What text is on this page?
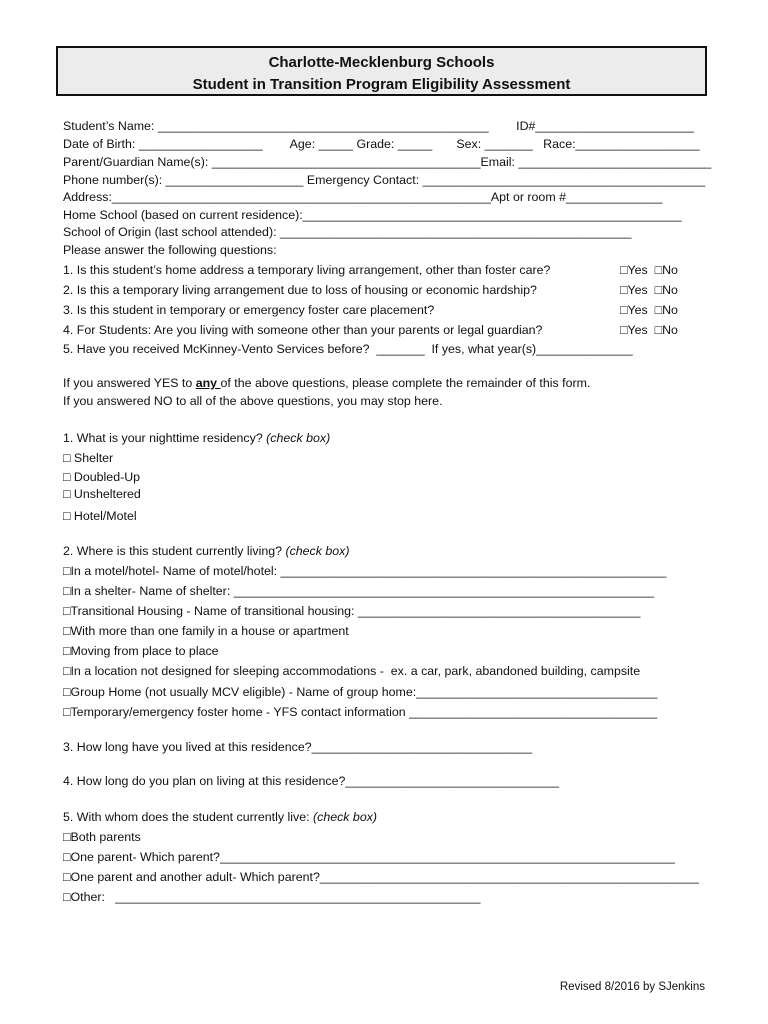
Charlotte-Mecklenburg Schools
Student in Transition Program Eligibility Assessment
Student’s Name: ________________________________________________        ID#_______________________
Date of Birth: __________________        Age: _____ Grade: _____       Sex: _______   Race:__________________
Parent/Guardian Name(s): _______________________________________Email: ____________________________
Phone number(s): ____________________ Emergency Contact: _________________________________________
Address:_______________________________________________________Apt or room #______________
Home School (based on current residence):_______________________________________________________
School of Origin (last school attended): ___________________________________________________
Please answer the following questions:
1. Is this student’s home address a temporary living arrangement, other than foster care?	□Yes  □No
2. Is this a temporary living arrangement due to loss of housing or economic hardship?	□Yes  □No
3. Is this student in temporary or emergency foster care placement?	□Yes  □No
4. For Students: Are you living with someone other than your parents or legal guardian?	□Yes  □No
5. Have you received McKinney-Vento Services before?  _______  If yes, what year(s)______________
If you answered YES to any of the above questions, please complete the remainder of this form.
If you answered NO to all of the above questions, you may stop here.
1. What is your nighttime residency? (check box)
□ Shelter
□ Doubled-Up
□ Unsheltered
□ Hotel/Motel
2. Where is this student currently living? (check box)
□In a motel/hotel- Name of motel/hotel: ________________________________________________________
□In a shelter- Name of shelter: _____________________________________________________________
□Transitional Housing - Name of transitional housing: _________________________________________
□With more than one family in a house or apartment
□Moving from place to place
□In a location not designed for sleeping accommodations -  ex. a car, park, abandoned building, campsite
□Group Home (not usually MCV eligible) - Name of group home:___________________________________
□Temporary/emergency foster home - YFS contact information ____________________________________
3. How long have you lived at this residence?________________________________
4. How long do you plan on living at this residence?_______________________________
5. With whom does the student currently live: (check box)
□Both parents
□One parent- Which parent?__________________________________________________________________
□One parent and another adult- Which parent?_______________________________________________________
□Other:   _____________________________________________________
Revised 8/2016 by SJenkins
